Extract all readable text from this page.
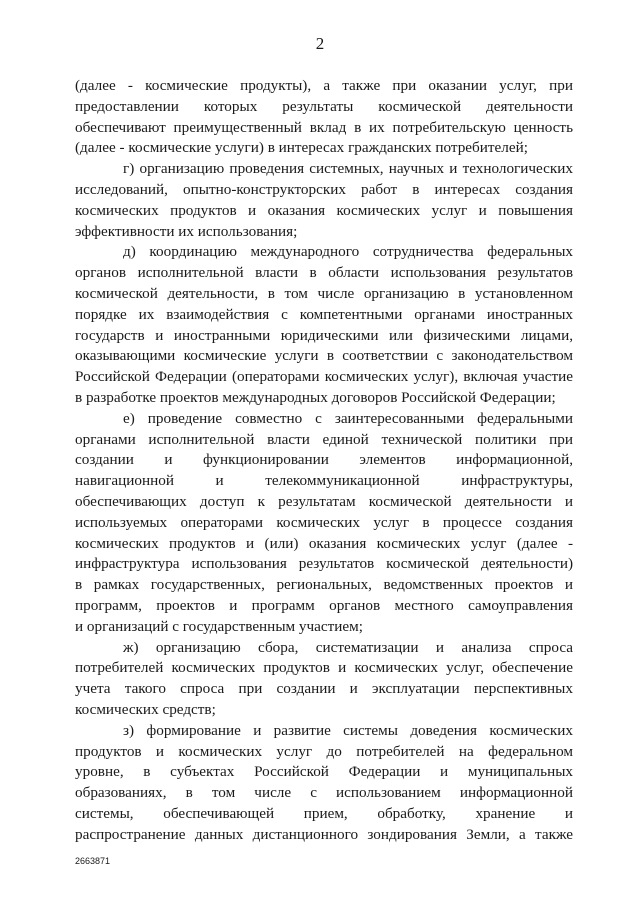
2
(далее - космические продукты), а также при оказании услуг, при
предоставлении которых результаты космической деятельности
обеспечивают преимущественный вклад в их потребительскую ценность
(далее - космические услуги) в интересах гражданских потребителей;
г) организацию проведения системных, научных и технологических
исследований, опытно-конструкторских работ в интересах создания
космических продуктов и оказания космических услуг и повышения
эффективности их использования;
д) координацию международного сотрудничества федеральных
органов исполнительной власти в области использования результатов
космической деятельности, в том числе организацию в установленном
порядке их взаимодействия с компетентными органами иностранных
государств и иностранными юридическими или физическими лицами,
оказывающими космические услуги в соответствии с законодательством
Российской Федерации (операторами космических услуг), включая участие
в разработке проектов международных договоров Российской Федерации;
е) проведение совместно с заинтересованными федеральными
органами исполнительной власти единой технической политики при
создании и функционировании элементов информационной,
навигационной и телекоммуникационной инфраструктуры,
обеспечивающих доступ к результатам космической деятельности и
используемых операторами космических услуг в процессе создания
космических продуктов и (или) оказания космических услуг (далее -
инфраструктура использования результатов космической деятельности)
в рамках государственных, региональных, ведомственных проектов и
программ, проектов и программ органов местного самоуправления
и организаций с государственным участием;
ж) организацию сбора, систематизации и анализа спроса
потребителей космических продуктов и космических услуг, обеспечение
учета такого спроса при создании и эксплуатации перспективных
космических средств;
з) формирование и развитие системы доведения космических
продуктов и космических услуг до потребителей на федеральном
уровне, в субъектах Российской Федерации и муниципальных
образованиях, в том числе с использованием информационной
системы, обеспечивающей прием, обработку, хранение и
распространение данных дистанционного зондирования Земли, а также
2663871
